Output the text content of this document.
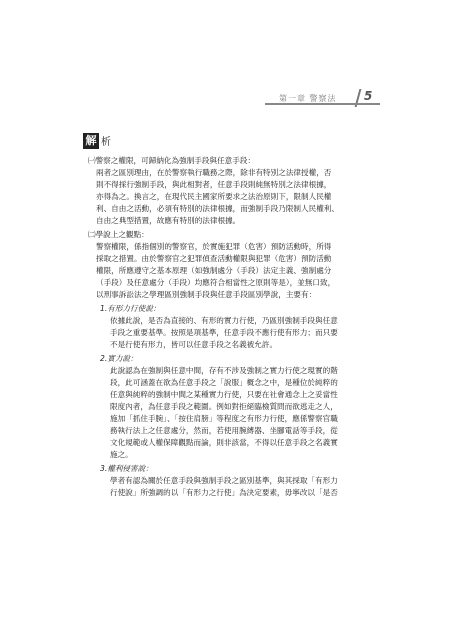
第一章 警察法 5
解 析
㈠警察之權限，可歸納化為強制手段與任意手段：
兩者之區別理由，在於警察執行職務之際，除非有特別之法律授權，否
則不得採行強制手段，與此相對者，任意手段則純無特別之法律根據，
亦得為之。換言之，在現代民主國家所要求之法治原則下，限制人民權
利、自由之活動，必須有特別的法律根據，而強制手段乃限制人民權利、
自由之典型措置，故應有特別的法律根據。
㈡學說上之觀點：
警察權限，係指個別的警察官，於實施犯罪（危害）預防活動時，所得
採取之措置。由於警察官之犯罪偵查活動權限與犯罪（危害）預防活動
權限，所應遵守之基本原理（如強制處分（手段）法定主義、強制處分
（手段）及任意處分（手段）均應符合相當性之原則等是），並無口致，
以刑事訴訟法之學理區別強制手段與任意手段區別學說，主要有：
1.有形力行使說：
依據此說，是否為直接的、有形的實力行使，乃區別強制手段與任意
手段之重要基準。按照是項基準，任意手段不應行使有形力；而只要
不是行使有形力，皆可以任意手段之名義被允許。
2.實力說：
此說認為在強制與任意中間，存有不涉及強制之實力行使之現實的階
段，此可涵蓋在欲為任意手段之「說服」概念之中，是種位於純粹的
任意與純粹的強制中間之某種實力行使，只要在社會通念上之妥當性
限度內者，為任意手段之範圍。例如對拒絕臨檢質問而欲逃走之人，
施加「抓住手腕」、「按住肩膀」等程度之有形力行使，應係警察官職
務執行法上之任意處分，然而，若使用腕縛器、坐腳電話等手段，從
文化規範或人權保障觀點而論，則非該當，不得以任意手段之名義實
施之。
3.權利侵害說：
學者有認為關於任意手段與強制手段之區別基準，與其採取「有形力
行使說」所強調的以「有形力之行使」為決定要素，毋寧改以「是否
